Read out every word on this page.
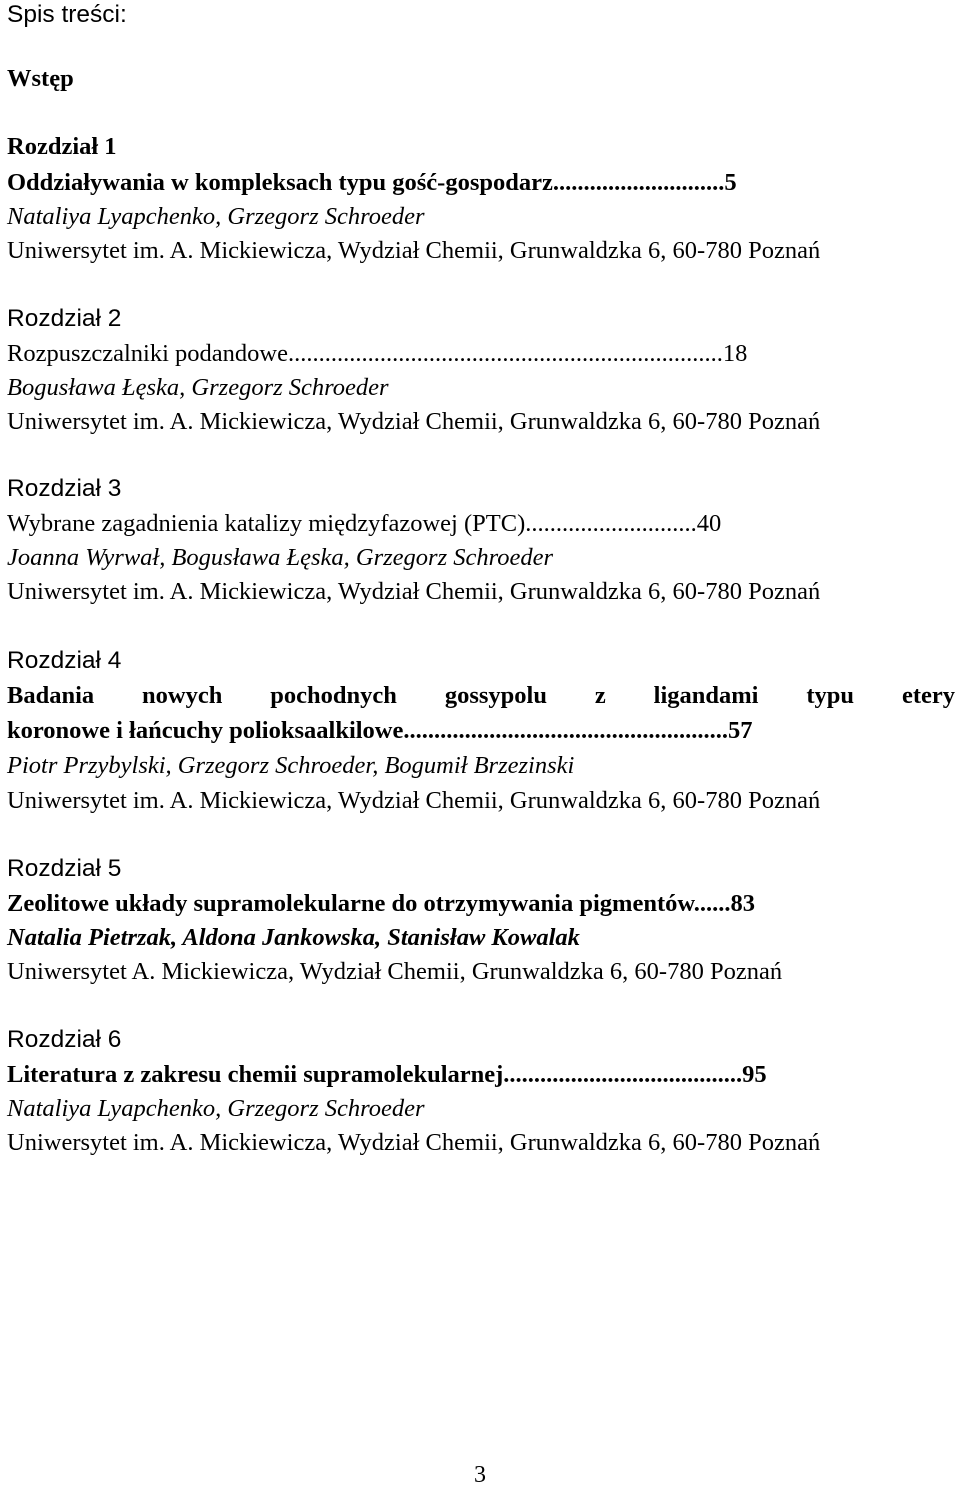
Spis treści:
Wstęp
Rozdział 1
Oddziaływania w kompleksach typu gość-gospodarz............................5
Nataliya Lyapchenko, Grzegorz Schroeder
Uniwersytet im. A. Mickiewicza, Wydział Chemii, Grunwaldzka 6, 60-780 Poznań
Rozdział 2
Rozpuszczalniki podandowe.......................................................................18
Bogusława Łęska, Grzegorz Schroeder
Uniwersytet im. A. Mickiewicza, Wydział Chemii, Grunwaldzka 6, 60-780 Poznań
Rozdział 3
Wybrane zagadnienia katalizy międzyfazowej (PTC)............................40
Joanna Wyrwał, Bogusława Łęska, Grzegorz Schroeder
Uniwersytet im. A. Mickiewicza, Wydział Chemii, Grunwaldzka 6, 60-780 Poznań
Rozdział 4
Badania nowych pochodnych gossypolu z ligandami typu etery
koronowe i łańcuchy polioksaalkilowe.....................................................57
Piotr Przybylski, Grzegorz Schroeder, Bogumił Brzezinski
Uniwersytet im. A. Mickiewicza, Wydział Chemii, Grunwaldzka 6, 60-780 Poznań
Rozdział 5
Zeolitowe układy supramolekularne do otrzymywania pigmentów......83
Natalia Pietrzak, Aldona Jankowska, Stanisław Kowalak
Uniwersytet A. Mickiewicza, Wydział Chemii, Grunwaldzka 6, 60-780 Poznań
Rozdział 6
Literatura z zakresu chemii supramolekularnej.......................................95
Nataliya Lyapchenko, Grzegorz Schroeder
Uniwersytet im. A. Mickiewicza, Wydział Chemii, Grunwaldzka 6, 60-780 Poznań
3
